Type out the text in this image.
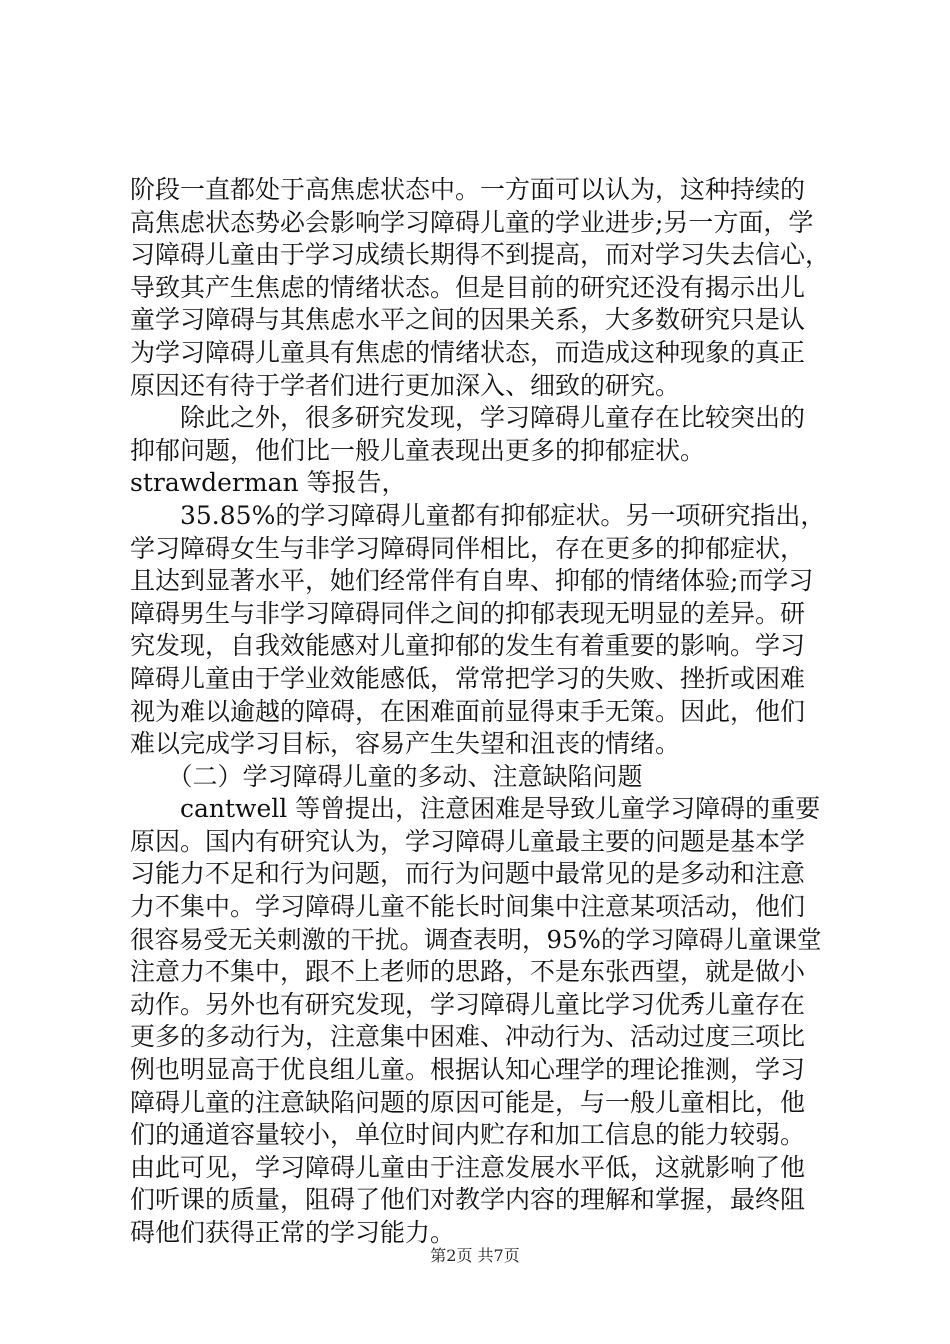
阶段一直都处于高焦虑状态中。一方面可以认为，这种持续的
高焦虑状态势必会影响学习障碍儿童的学业进步;另一方面，学
习障碍儿童由于学习成绩长期得不到提高，而对学习失去信心，
导致其产生焦虑的情绪状态。但是目前的研究还没有揭示出儿
童学习障碍与其焦虑水平之间的因果关系，大多数研究只是认
为学习障碍儿童具有焦虑的情绪状态，而造成这种现象的真正
原因还有待于学者们进行更加深入、细致的研究。
　　除此之外，很多研究发现，学习障碍儿童存在比较突出的
抑郁问题，他们比一般儿童表现出更多的抑郁症状。
strawderman 等报告，
　　35.85%的学习障碍儿童都有抑郁症状。另一项研究指出，
学习障碍女生与非学习障碍同伴相比，存在更多的抑郁症状，
且达到显著水平，她们经常伴有自卑、抑郁的情绪体验;而学习
障碍男生与非学习障碍同伴之间的抑郁表现无明显的差异。研
究发现，自我效能感对儿童抑郁的发生有着重要的影响。学习
障碍儿童由于学业效能感低，常常把学习的失败、挫折或困难
视为难以逾越的障碍，在困难面前显得束手无策。因此，他们
难以完成学习目标，容易产生失望和沮丧的情绪。
　　（二）学习障碍儿童的多动、注意缺陷问题
　　cantwell 等曾提出，注意困难是导致儿童学习障碍的重要
原因。国内有研究认为，学习障碍儿童最主要的问题是基本学
习能力不足和行为问题，而行为问题中最常见的是多动和注意
力不集中。学习障碍儿童不能长时间集中注意某项活动，他们
很容易受无关刺激的干扰。调查表明，95%的学习障碍儿童课堂
注意力不集中，跟不上老师的思路，不是东张西望，就是做小
动作。另外也有研究发现，学习障碍儿童比学习优秀儿童存在
更多的多动行为，注意集中困难、冲动行为、活动过度三项比
例也明显高于优良组儿童。根据认知心理学的理论推测，学习
障碍儿童的注意缺陷问题的原因可能是，与一般儿童相比，他
们的通道容量较小，单位时间内贮存和加工信息的能力较弱。
由此可见，学习障碍儿童由于注意发展水平低，这就影响了他
们听课的质量，阻碍了他们对教学内容的理解和掌握，最终阻
碍他们获得正常的学习能力。
第2页 共7页
